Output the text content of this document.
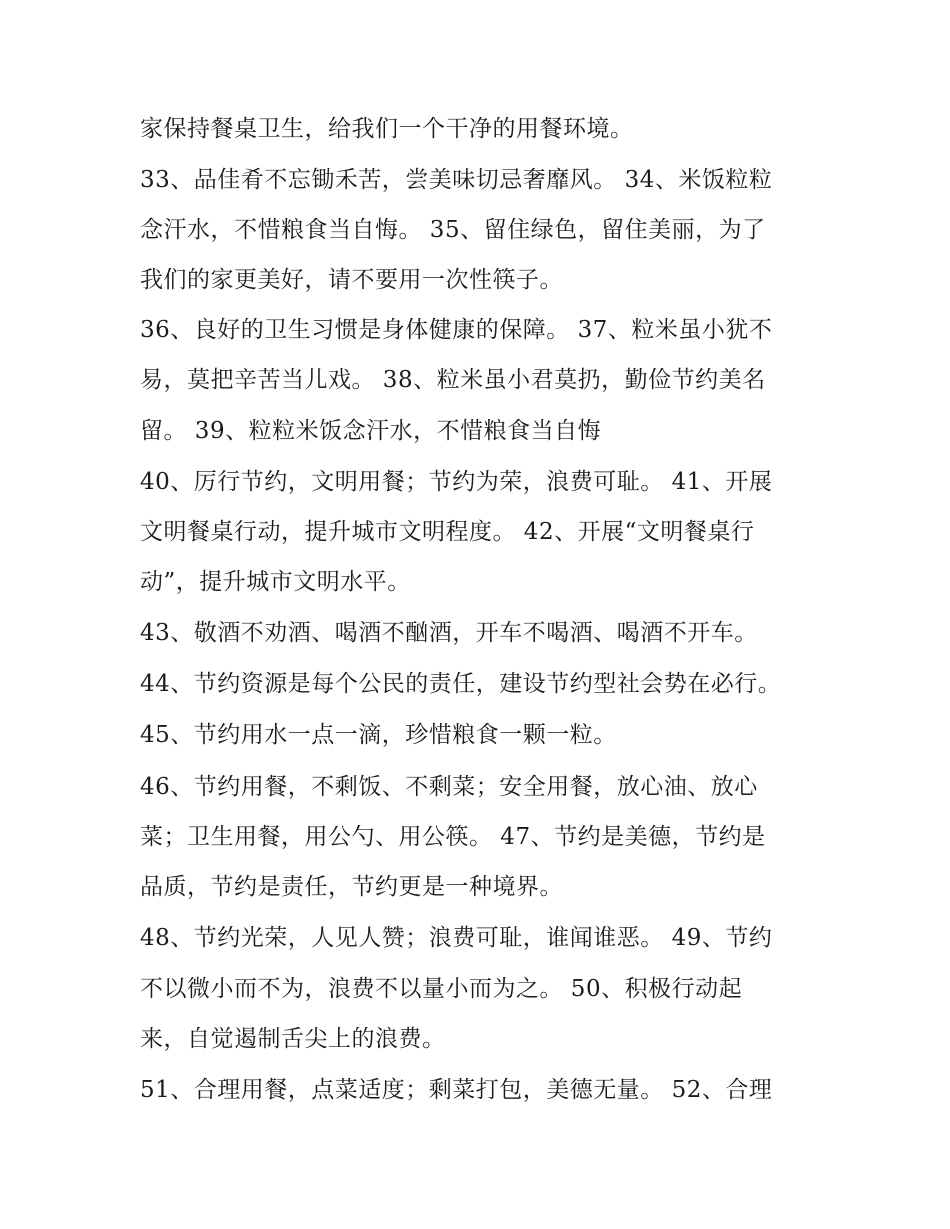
家保持餐桌卫生，给我们一个干净的用餐环境。
33、品佳肴不忘锄禾苦，尝美味切忌奢靡风。 34、米饭粒粒
念汗水，不惜粮食当自悔。 35、留住绿色，留住美丽，为了
我们的家更美好，请不要用一次性筷子。
36、良好的卫生习惯是身体健康的保障。 37、粒米虽小犹不
易，莫把辛苦当儿戏。 38、粒米虽小君莫扔，勤俭节约美名
留。 39、粒粒米饭念汗水，不惜粮食当自悔
40、厉行节约，文明用餐；节约为荣，浪费可耻。 41、开展
文明餐桌行动，提升城市文明程度。 42、开展“文明餐桌行
动”，提升城市文明水平。
43、敬酒不劝酒、喝酒不酗酒，开车不喝酒、喝酒不开车。
44、节约资源是每个公民的责任，建设节约型社会势在必行。
45、节约用水一点一滴，珍惜粮食一颗一粒。
46、节约用餐，不剩饭、不剩菜；安全用餐，放心油、放心
菜；卫生用餐，用公勺、用公筷。 47、节约是美德，节约是
品质，节约是责任，节约更是一种境界。
48、节约光荣，人见人赞；浪费可耻，谁闻谁恶。 49、节约
不以微小而不为，浪费不以量小而为之。 50、积极行动起
来，自觉遏制舌尖上的浪费。
51、合理用餐，点菜适度；剩菜打包，美德无量。 52、合理
